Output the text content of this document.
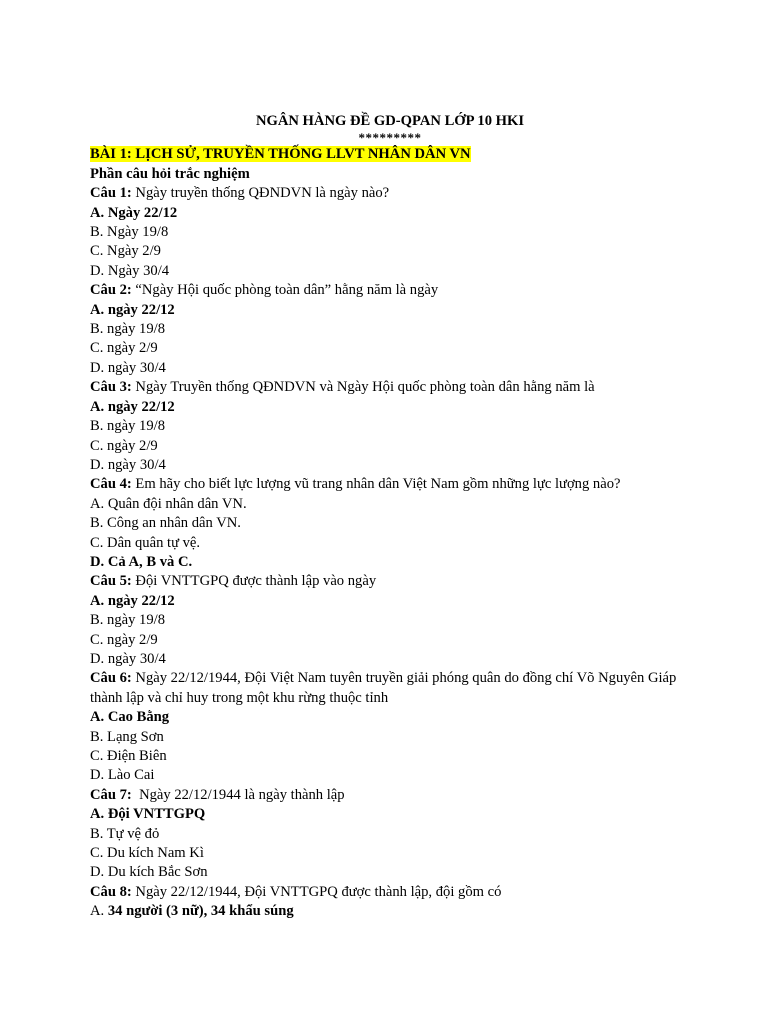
NGÂN HÀNG ĐỀ GD-QPAN LỚP 10 HKI

*********

BÀI 1: LỊCH SỬ, TRUYỀN THỐNG LLVT NHÂN DÂN VN

Phần câu hỏi trắc nghiệm

Câu 1: Ngày truyền thống QĐNDVN là ngày nào?

A. Ngày 22/12

B. Ngày 19/8

C. Ngày 2/9

D. Ngày 30/4

Câu 2: “Ngày Hội quốc phòng toàn dân” hằng năm là ngày

A. ngày 22/12

B. ngày 19/8

C. ngày 2/9

D. ngày 30/4

Câu 3: Ngày Truyền thống QĐNDVN và Ngày Hội quốc phòng toàn dân hằng năm là

A. ngày 22/12

B. ngày 19/8

C. ngày 2/9

D. ngày 30/4

Câu 4: Em hãy cho biết lực lượng vũ trang nhân dân Việt Nam gồm những lực lượng nào?

A. Quân đội nhân dân VN.

B. Công an nhân dân VN.

C. Dân quân tự vệ.

D. Cả A, B và C.

Câu 5: Đội VNTTGPQ được thành lập vào ngày

A. ngày 22/12

B. ngày 19/8

C. ngày 2/9

D. ngày 30/4

Câu 6: Ngày 22/12/1944, Đội Việt Nam tuyên truyền giải phóng quân do đồng chí Võ Nguyên Giáp thành lập và chỉ huy trong một khu rừng thuộc tỉnh

A. Cao Bằng

B. Lạng Sơn

C. Điện Biên

D. Lào Cai

Câu 7:  Ngày 22/12/1944 là ngày thành lập

A. Đội VNTTGPQ

B. Tự vệ đỏ

C. Du kích Nam Kì

D. Du kích Bắc Sơn

Câu 8: Ngày 22/12/1944, Đội VNTTGPQ được thành lập, đội gồm có

A. 34 người (3 nữ), 34 khẩu súng
